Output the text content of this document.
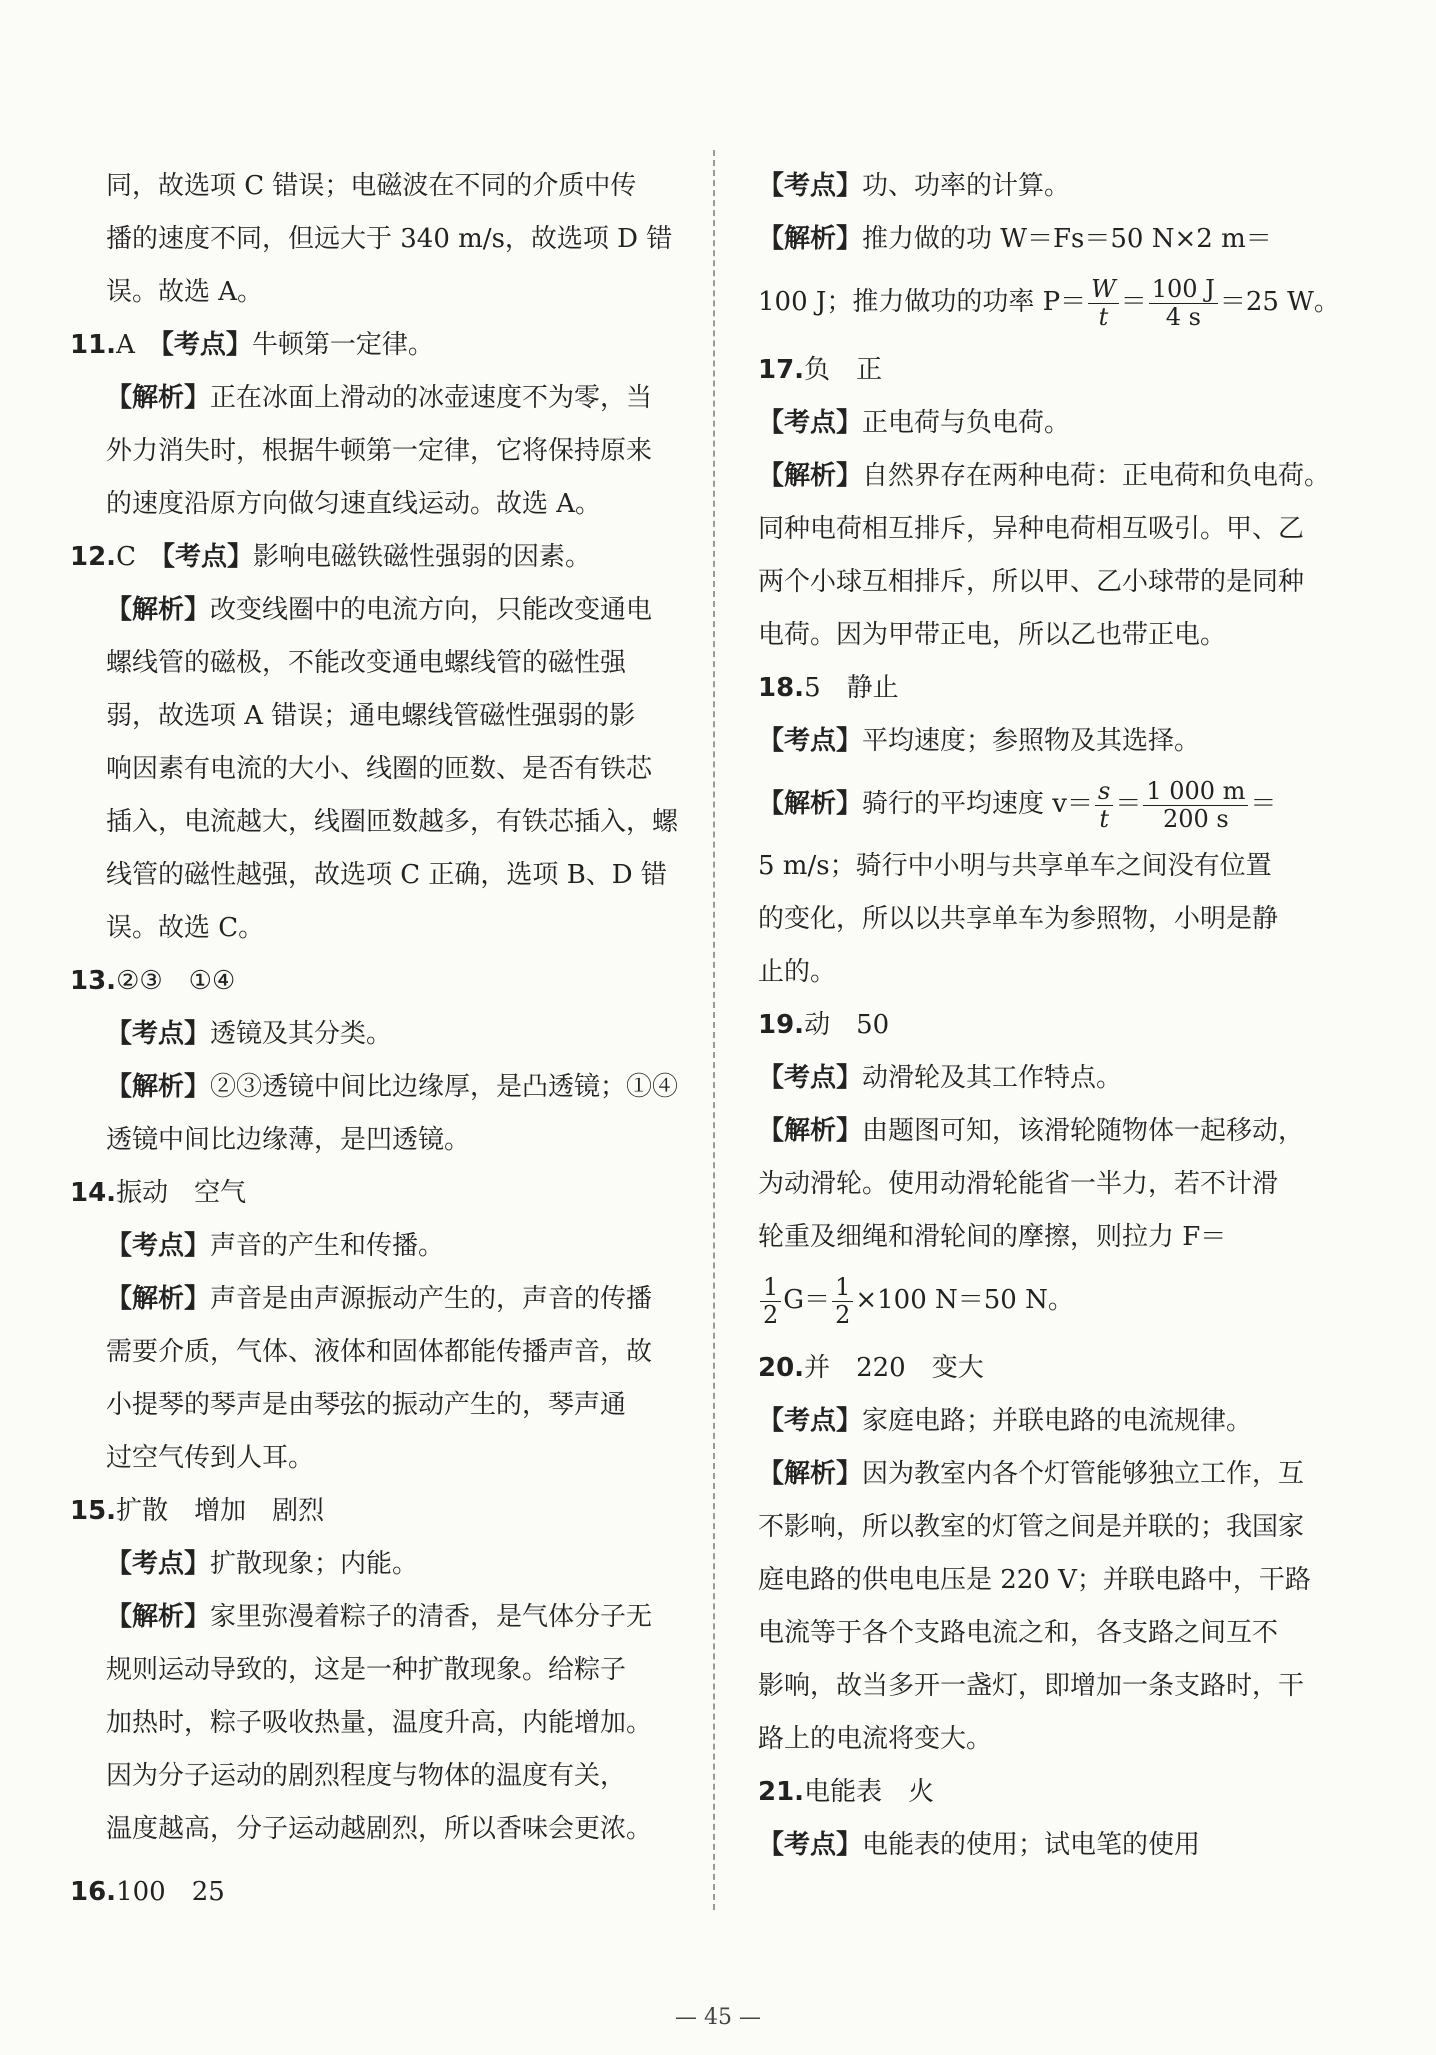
同，故选项 C 错误；电磁波在不同的介质中传
播的速度不同，但远大于 340 m/s，故选项 D 错
误。故选 A。
11.A　 【考点】牛顿第一定律。
【解析】正在冰面上滑动的冰壶速度不为零，当
外力消失时，根据牛顿第一定律，它将保持原来
的速度沿原方向做匀速直线运动。故选 A。
12.C　 【考点】影响电磁铁磁性强弱的因素。
【解析】改变线圈中的电流方向，只能改变通电
螺线管的磁极，不能改变通电螺线管的磁性强
弱，故选项 A 错误；通电螺线管磁性强弱的影
响因素有电流的大小、线圈的匝数、是否有铁芯
插入，电流越大，线圈匝数越多，有铁芯插入，螺
线管的磁性越强，故选项 C 正确，选项 B、D 错
误。故选 C。
13.②③　①④
【考点】透镜及其分类。
【解析】②③透镜中间比边缘厚，是凸透镜；①④
透镜中间比边缘薄，是凹透镜。
14.振动　空气
【考点】声音的产生和传播。
【解析】声音是由声源振动产生的，声音的传播
需要介质，气体、液体和固体都能传播声音，故
小提琴的琴声是由琴弦的振动产生的，琴声通
过空气传到人耳。
15.扩散　增加　剧烈
【考点】扩散现象；内能。
【解析】家里弥漫着粽子的清香，是气体分子无
规则运动导致的，这是一种扩散现象。给粽子
加热时，粽子吸收热量，温度升高，内能增加。
因为分子运动的剧烈程度与物体的温度有关，
温度越高，分子运动越剧烈，所以香味会更浓。
16.100　25
【考点】功、功率的计算。
【解析】推力做的功 W＝Fs＝50 N×2 m＝
100 J；推力做功的功率 $P= \frac{W}{t} = \frac{100 J}{4 s} =25$ W。
17.负　正
【考点】正电荷与负电荷。
【解析】自然界存在两种电荷：正电荷和负电荷。
同种电荷相互排斥，异种电荷相互吸引。甲、乙
两个小球互相排斥，所以甲、乙小球带的是同种
电荷。因为甲带正电，所以乙也带正电。
18.5　静止
【考点】平均速度；参照物及其选择。
【解析】骑行的平均速度 $v= \frac{s}{t} = \frac{1 000 m}{200 s}$ ＝
5 m/s；骑行中小明与共享单车之间没有位置
的变化，所以以共享单车为参照物，小明是静
止的。
19.动　50
【考点】动滑轮及其工作特点。
【解析】由题图可知，该滑轮随物体一起移动，
为动滑轮。使用动滑轮能省一半力，若不计滑
轮重及细绳和滑轮间的摩擦，则拉力 F＝
$\frac{1}{2} G= \frac{1}{2} \times 100$ N＝50 N。
20.并　220　变大
【考点】家庭电路；并联电路的电流规律。
【解析】因为教室内各个灯管能够独立工作，互
不影响，所以教室的灯管之间是并联的；我国家
庭电路的供电电压是 220 V；并联电路中，干路
电流等于各个支路电流之和，各支路之间互不
影响，故当多开一盏灯，即增加一条支路时，干
路上的电流将变大。
21.电能表　火
【考点】电能表的使用；试电笔的使用
— 45 —
